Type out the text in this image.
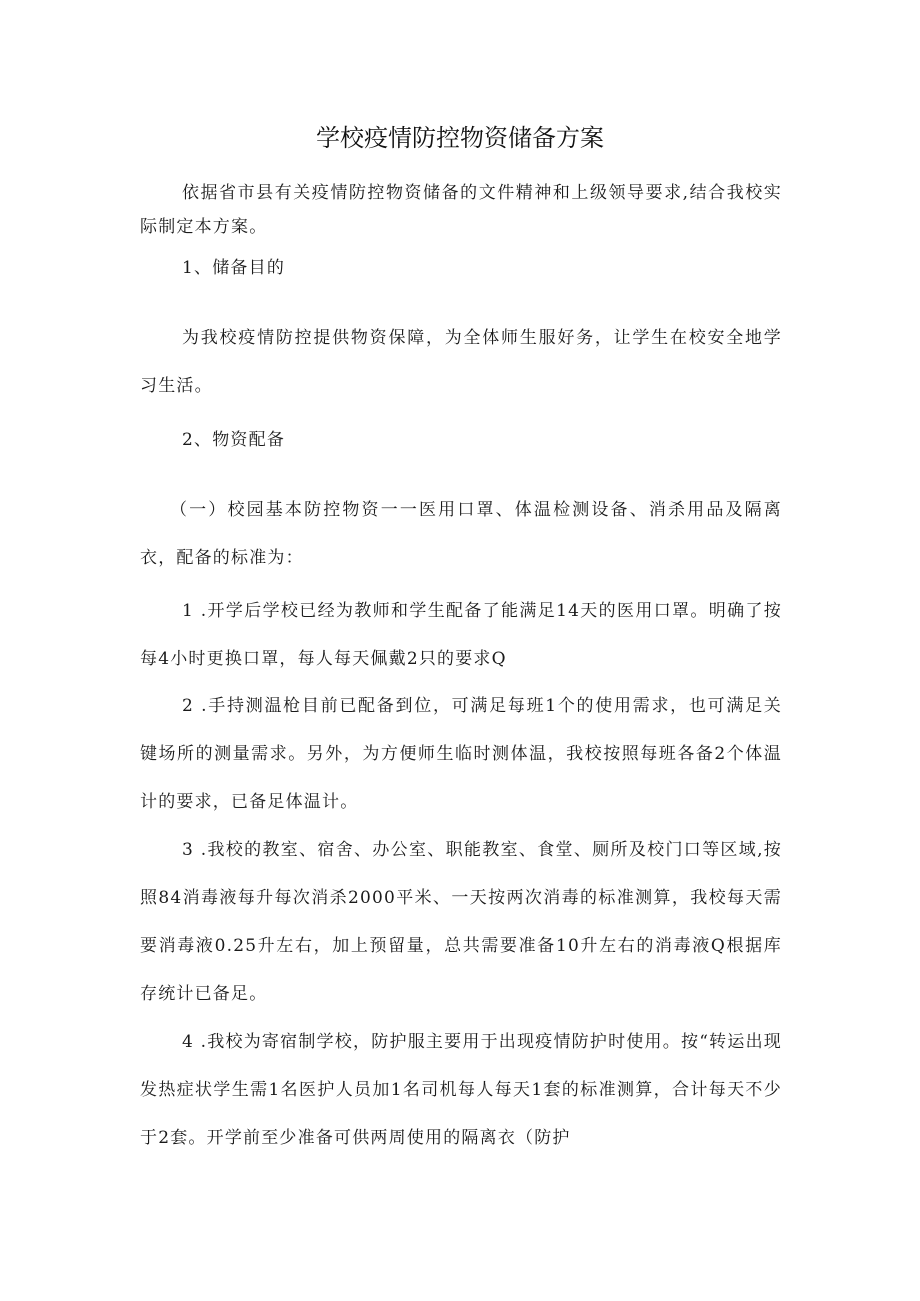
学校疫情防控物资储备方案
依据省市县有关疫情防控物资储备的文件精神和上级领导要求,结合我校实际制定本方案。
1、储备目的
为我校疫情防控提供物资保障，为全体师生服好务，让学生在校安全地学习生活。
2、物资配备
（一）校园基本防控物资一一医用口罩、体温检测设备、消杀用品及隔离衣，配备的标准为：
1 .开学后学校已经为教师和学生配备了能满足14天的医用口罩。明确了按每4小时更换口罩，每人每天佩戴2只的要求Q
2 .手持测温枪目前已配备到位，可满足每班1个的使用需求，也可满足关键场所的测量需求。另外，为方便师生临时测体温，我校按照每班各备2个体温计的要求，已备足体温计。
3 .我校的教室、宿舍、办公室、职能教室、食堂、厕所及校门口等区域,按照84消毒液每升每次消杀2000平米、一天按两次消毒的标准测算，我校每天需要消毒液0.25升左右，加上预留量，总共需要准备10升左右的消毒液Q根据库存统计已备足。
4 .我校为寄宿制学校，防护服主要用于出现疫情防护时使用。按“转运出现发热症状学生需1名医护人员加1名司机每人每天1套的标准测算，合计每天不少于2套。开学前至少准备可供两周使用的隔离衣（防护
